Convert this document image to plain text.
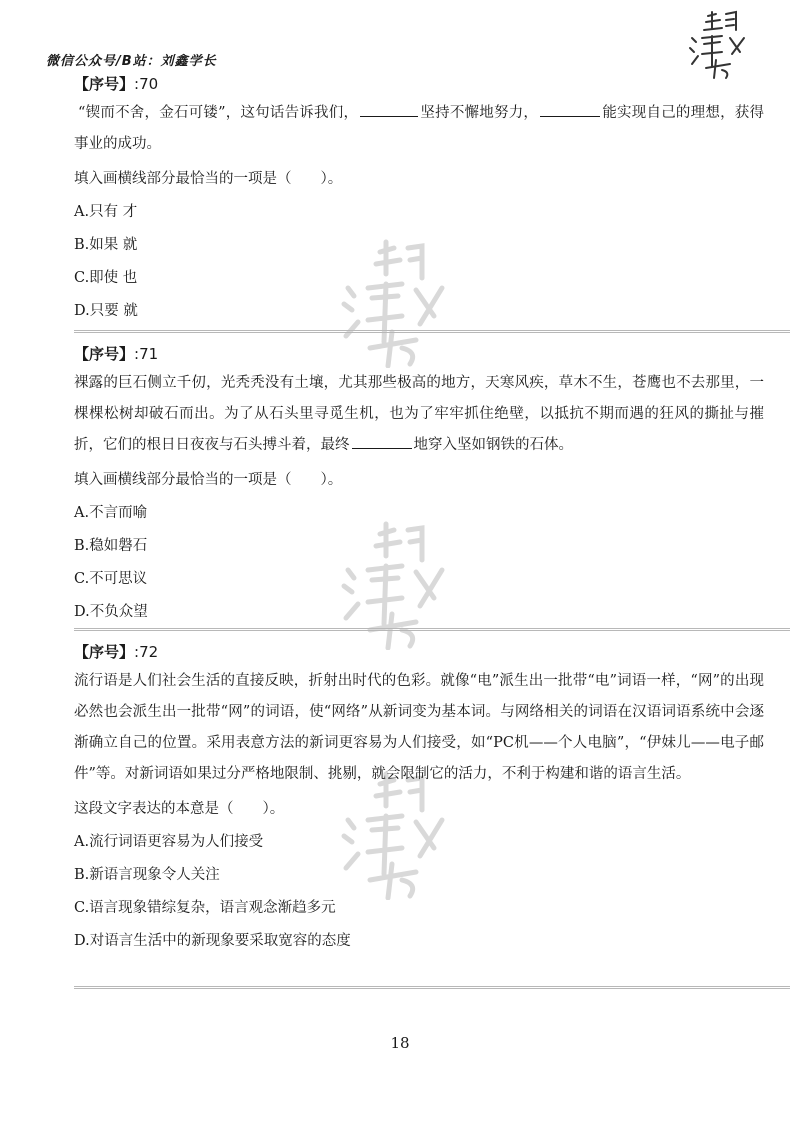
微信公众号/B站：刘鑫学长

【序号】:70

“锲而不舍，金石可镂”，这句话告诉我们，	坚持不懈地努力，	能实现自己的理想，获得事业的成功。

填入画横线部分最恰当的一项是（　　）。

A.只有 才

B.如果 就

C.即使 也

D.只要 就

【序号】:71

裸露的巨石侧立千仞，光秃秃没有土壤，尤其那些极高的地方，天寒风疾，草木不生，苍鹰也不去那里，一棵棵松树却破石而出。为了从石头里寻觅生机，也为了牢牢抓住绝壁，以抵抗不期而遇的狂风的撕扯与摧折，它们的根日日夜夜与石头搏斗着，最终	地穿入坚如钢铁的石体。

填入画横线部分最恰当的一项是（　　）。

A.不言而喻

B.稳如磐石

C.不可思议

D.不负众望

【序号】:72

流行语是人们社会生活的直接反映，折射出时代的色彩。就像“电”派生出一批带“电”词语一样，“网”的出现必然也会派生出一批带“网”的词语，使“网络”从新词变为基本词。与网络相关的词语在汉语词语系统中会逐渐确立自己的位置。采用表意方法的新词更容易为人们接受，如“PC机——个人电脑”，“伊妹儿——电子邮件”等。对新词语如果过分严格地限制、挑剔，就会限制它的活力，不利于构建和谐的语言生活。

这段文字表达的本意是（　　）。

A.流行词语更容易为人们接受

B.新语言现象令人关注

C.语言现象错综复杂，语言观念渐趋多元

D.对语言生活中的新现象要采取宽容的态度

18
